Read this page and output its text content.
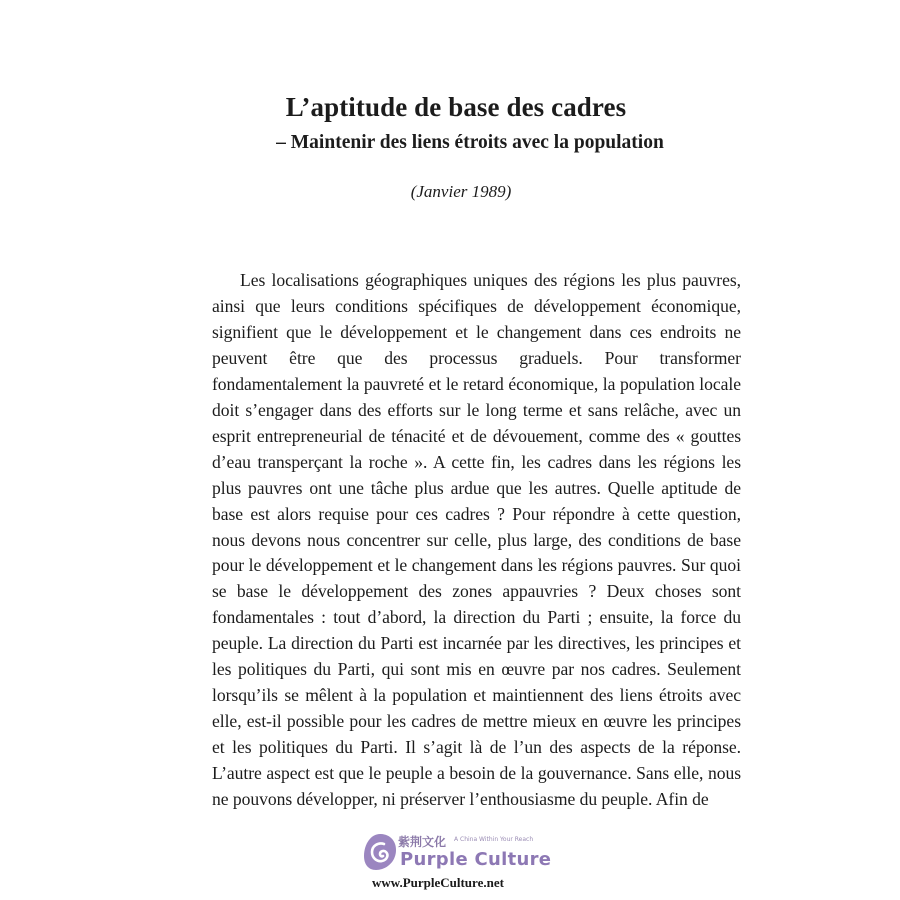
L’aptitude de base des cadres
– Maintenir des liens étroits avec la population

(Janvier 1989)

Les localisations géographiques uniques des régions les plus pauvres, ainsi que leurs conditions spécifiques de développement économique, signifient que le développement et le changement dans ces endroits ne peuvent être que des processus graduels. Pour transformer fondamentalement la pauvreté et le retard économique, la population locale doit s’engager dans des efforts sur le long terme et sans relâche, avec un esprit entrepreneurial de ténacité et de dévouement, comme des « gouttes d’eau transperçant la roche ». A cette fin, les cadres dans les régions les plus pauvres ont une tâche plus ardue que les autres. Quelle aptitude de base est alors requise pour ces cadres ? Pour répondre à cette question, nous devons nous concentrer sur celle, plus large, des conditions de base pour le développement et le changement dans les régions pauvres. Sur quoi se base le développement des zones appauvries ? Deux choses sont fondamentales : tout d’abord, la direction du Parti ; ensuite, la force du peuple. La direction du Parti est incarnée par les directives, les principes et les politiques du Parti, qui sont mis en œuvre par nos cadres. Seulement lorsqu’ils se mêlent à la population et maintiennent des liens étroits avec elle, est-il possible pour les cadres de mettre mieux en œuvre les principes et les politiques du Parti. Il s’agit là de l’un des aspects de la réponse. L’autre aspect est que le peuple a besoin de la gouvernance. Sans elle, nous ne pouvons développer, ni préserver l’enthousiasme du peuple. Afin de

紫荆文化 A China Within Your Reach
Purple Culture
www.PurpleCulture.net
